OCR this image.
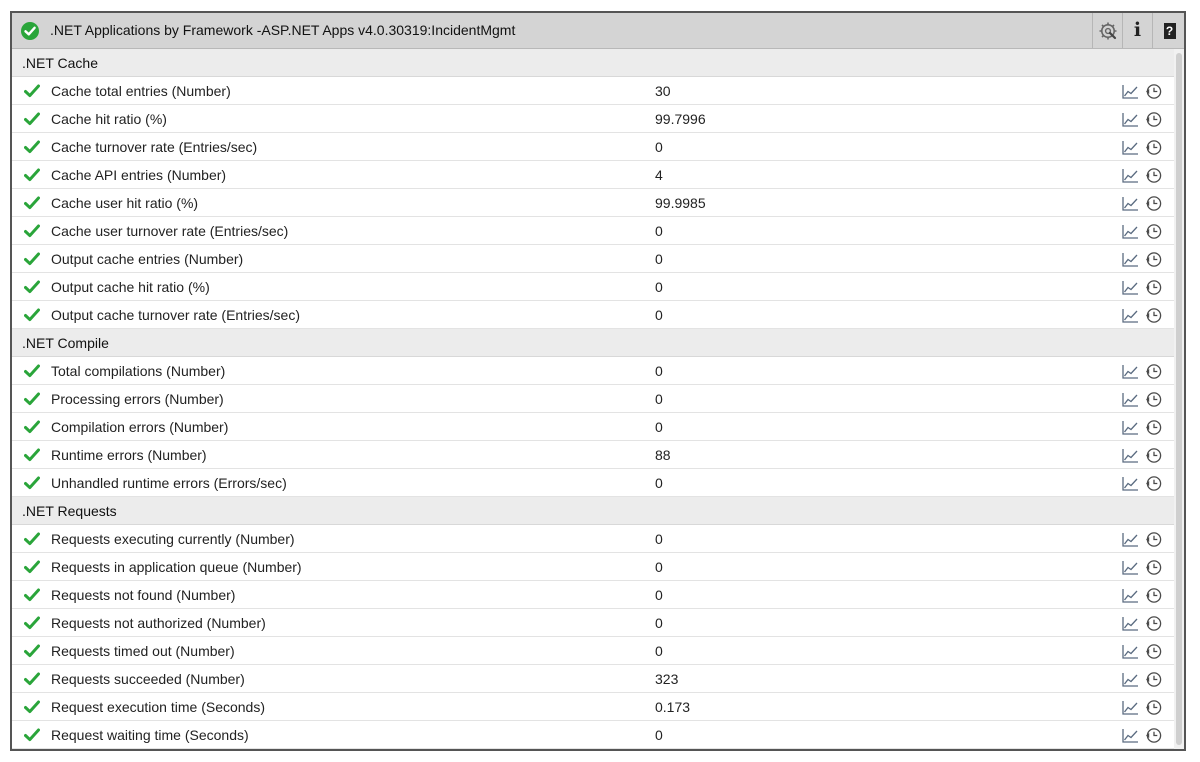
.NET Applications by Framework -ASP.NET Apps v4.0.30319:IncidentMgmt	i ?
.NET Cache
Cache total entries (Number)	30
Cache hit ratio (%)	99.7996
Cache turnover rate (Entries/sec)	0
Cache API entries (Number)	4
Cache user hit ratio (%)	99.9985
Cache user turnover rate (Entries/sec)	0
Output cache entries (Number)	0
Output cache hit ratio (%)	0
Output cache turnover rate (Entries/sec)	0
.NET Compile
Total compilations (Number)	0
Processing errors (Number)	0
Compilation errors (Number)	0
Runtime errors (Number)	88
Unhandled runtime errors (Errors/sec)	0
.NET Requests
Requests executing currently (Number)	0
Requests in application queue (Number)	0
Requests not found (Number)	0
Requests not authorized (Number)	0
Requests timed out (Number)	0
Requests succeeded (Number)	323
Request execution time (Seconds)	0.173
Request waiting time (Seconds)	0
